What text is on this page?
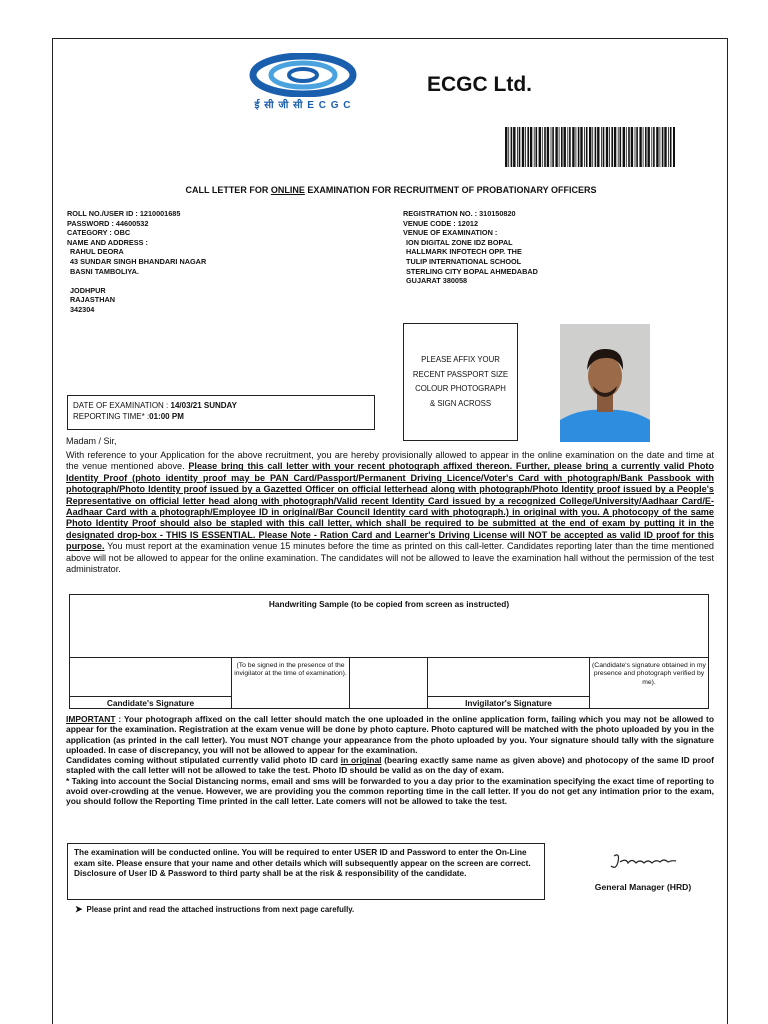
ई सी जी सी E C G C
ECGC Ltd.
CALL LETTER FOR ONLINE EXAMINATION FOR RECRUITMENT OF PROBATIONARY OFFICERS
ROLL NO./USER ID : 1210001685
PASSWORD : 44600532
CATEGORY : OBC
NAME AND ADDRESS :
RAHUL DEORA
43 SUNDAR SINGH BHANDARI NAGAR
BASNI TAMBOLIYA.
JODHPUR
RAJASTHAN
342304
REGISTRATION NO. : 310150820
VENUE CODE : 12012
VENUE OF EXAMINATION :
ION DIGITAL ZONE IDZ BOPAL
HALLMARK INFOTECH OPP. THE
TULIP INTERNATIONAL SCHOOL
STERLING CITY BOPAL AHMEDABAD
GUJARAT 380058
PLEASE AFFIX YOUR
RECENT PASSPORT SIZE
COLOUR PHOTOGRAPH
& SIGN ACROSS
DATE OF EXAMINATION : 14/03/21 SUNDAY
REPORTING TIME* :01:00 PM
Madam / Sir,
With reference to your Application for the above recruitment, you are hereby provisionally allowed to appear in the online examination on the date and time at the venue mentioned above. Please bring this call letter with your recent photograph affixed thereon. Further, please bring a currently valid Photo Identity Proof (photo identity proof may be PAN Card/Passport/Permanent Driving Licence/Voter's Card with photograph/Bank Passbook with photograph/Photo Identity proof issued by a Gazetted Officer on official letterhead along with photograph/Photo Identity proof issued by a People's Representative on official letter head along with photograph/Valid recent Identity Card issued by a recognized College/University/Aadhaar Card/E-Aadhaar Card with a photograph/Employee ID in original/Bar Council Identity card with photograph.) in original with you. A photocopy of the same Photo Identity Proof should also be stapled with this call letter, which shall be required to be submitted at the end of exam by putting it in the designated drop-box - THIS IS ESSENTIAL. Please Note - Ration Card and Learner's Driving License will NOT be accepted as valid ID proof for this purpose. You must report at the examination venue 15 minutes before the time as printed on this call-letter. Candidates reporting later than the time mentioned above will not be allowed to appear for the online examination. The candidates will not be allowed to leave the examination hall without the permission of the test administrator.
Handwriting Sample (to be copied from screen as instructed)
Candidate's Signature
(To be signed in the presence of the invigilator at the time of examination).
Invigilator's Signature
(Candidate's signature obtained in my presence and photograph verified by me).
IMPORTANT : Your photograph affixed on the call letter should match the one uploaded in the online application form, failing which you may not be allowed to appear for the examination. Registration at the exam venue will be done by photo capture. Photo captured will be matched with the photo uploaded by you in the application (as printed in the call letter). You must NOT change your appearance from the photo uploaded by you. Your signature should tally with the signature uploaded. In case of discrepancy, you will not be allowed to appear for the examination.
Candidates coming without stipulated currently valid photo ID card in original (bearing exactly same name as given above) and photocopy of the same ID proof stapled with the call letter will not be allowed to take the test. Photo ID should be valid as on the day of exam.
* Taking into account the Social Distancing norms, email and sms will be forwarded to you a day prior to the examination specifying the exact time of reporting to avoid over-crowding at the venue. However, we are providing you the common reporting time in the call letter. If you do not get any intimation prior to the exam, you should follow the Reporting Time printed in the call letter. Late comers will not be allowed to take the test.
The examination will be conducted online. You will be required to enter USER ID and Password to enter the On-Line exam site. Please ensure that your name and other details which will subsequently appear on the screen are correct. Disclosure of User ID & Password to third party shall be at the risk & responsibility of the candidate.
General Manager (HRD)
➤ Please print and read the attached instructions from next page carefully.
